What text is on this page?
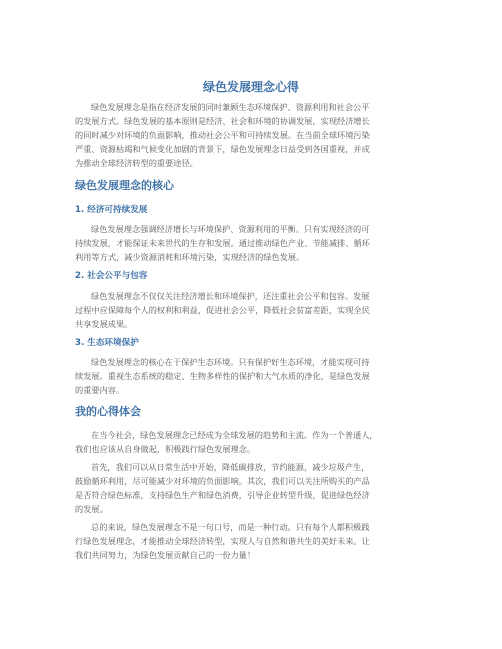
绿色发展理念心得

绿色发展理念是指在经济发展的同时兼顾生态环境保护、资源利用和社会公平
的发展方式。绿色发展的基本原则是经济、社会和环境的协调发展，实现经济增长
的同时减少对环境的负面影响，推动社会公平和可持续发展。在当前全球环境污染
严重、资源枯竭和气候变化加剧的背景下，绿色发展理念日益受到各国重视，并成
为推动全球经济转型的重要途径。

绿色发展理念的核心
1. 经济可持续发展

绿色发展理念强调经济增长与环境保护、资源利用的平衡。只有实现经济的可
持续发展，才能保证未来世代的生存和发展。通过推动绿色产业、节能减排、循环
利用等方式，减少资源消耗和环境污染，实现经济的绿色发展。

2. 社会公平与包容

绿色发展理念不仅仅关注经济增长和环境保护，还注重社会公平和包容。发展
过程中应保障每个人的权利和利益，促进社会公平，降低社会贫富差距，实现全民
共享发展成果。

3. 生态环境保护

绿色发展理念的核心在于保护生态环境。只有保护好生态环境，才能实现可持
续发展。重视生态系统的稳定、生物多样性的保护和大气水质的净化，是绿色发展
的重要内容。

我的心得体会

在当今社会，绿色发展理念已经成为全球发展的趋势和主流。作为一个普通人，
我们也应该从自身做起，积极践行绿色发展理念。

首先，我们可以从日常生活中开始，降低碳排放，节约能源，减少垃圾产生，
鼓励循环利用，尽可能减少对环境的负面影响。其次，我们可以关注所购买的产品
是否符合绿色标准，支持绿色生产和绿色消费，引导企业转型升级，促进绿色经济
的发展。

总的来说，绿色发展理念不是一句口号，而是一种行动。只有每个人都积极践
行绿色发展理念，才能推动全球经济转型，实现人与自然和谐共生的美好未来。让
我们共同努力，为绿色发展贡献自己的一份力量！
